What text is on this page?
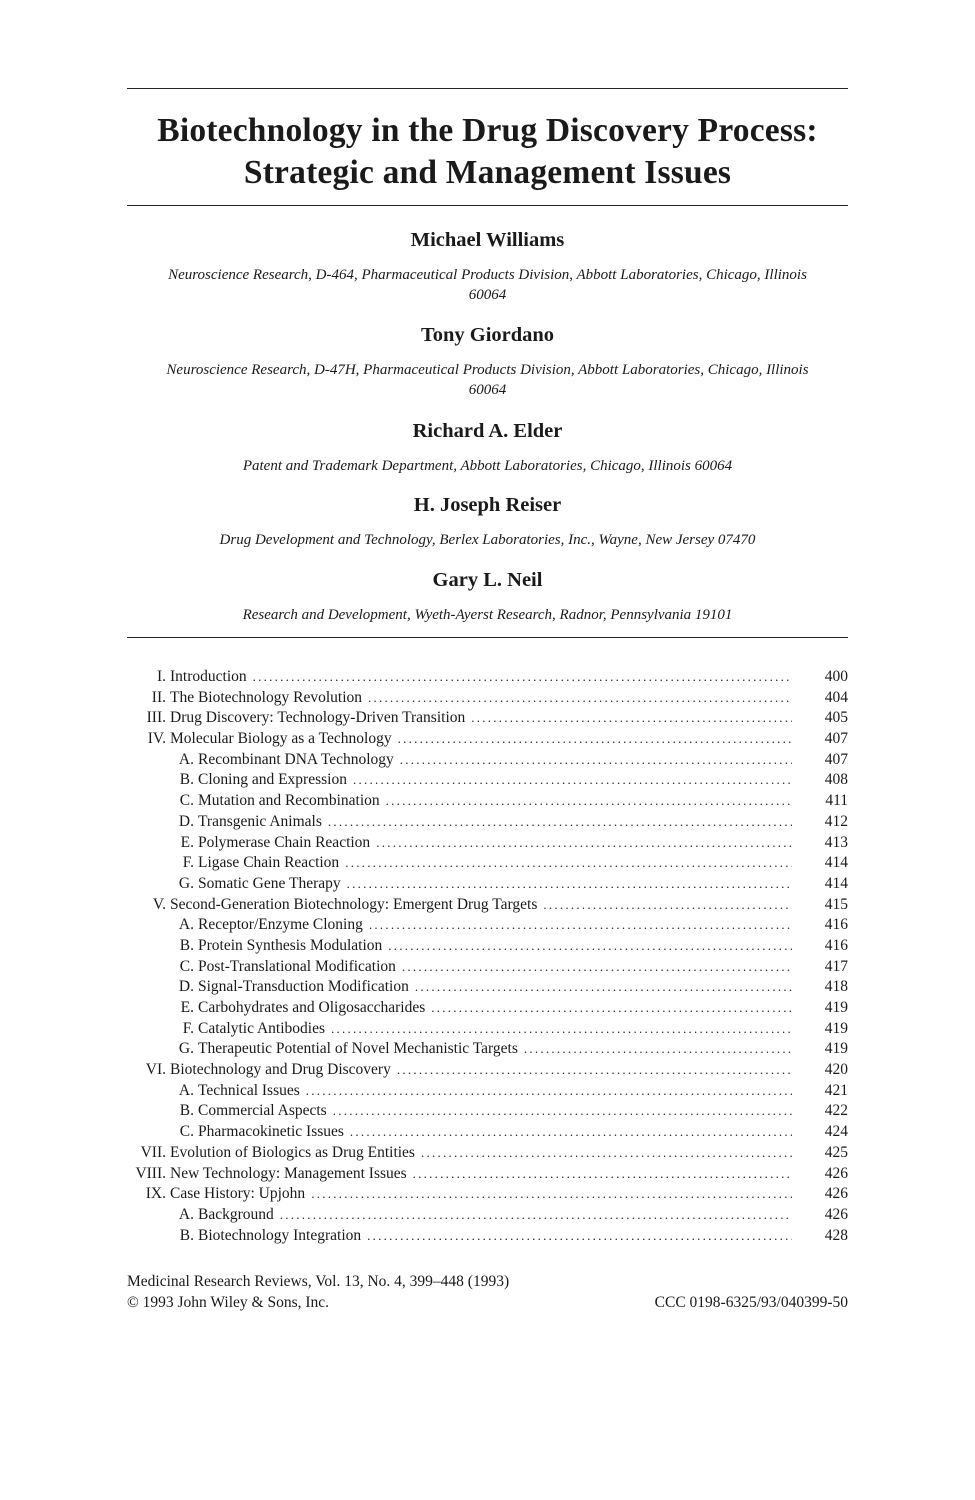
Biotechnology in the Drug Discovery Process:
Strategic and Management Issues
Michael Williams
Neuroscience Research, D-464, Pharmaceutical Products Division, Abbott Laboratories, Chicago, Illinois
60064
Tony Giordano
Neuroscience Research, D-47H, Pharmaceutical Products Division, Abbott Laboratories, Chicago, Illinois
60064
Richard A. Elder
Patent and Trademark Department, Abbott Laboratories, Chicago, Illinois 60064
H. Joseph Reiser
Drug Development and Technology, Berlex Laboratories, Inc., Wayne, New Jersey 07470
Gary L. Neil
Research and Development, Wyeth-Ayerst Research, Radnor, Pennsylvania 19101
I. Introduction . . .	400
II. The Biotechnology Revolution . . .	404
III. Drug Discovery: Technology-Driven Transition . . .	405
IV. Molecular Biology as a Technology . . .	407
A. Recombinant DNA Technology . . .	407
B. Cloning and Expression . . .	408
C. Mutation and Recombination . . .	411
D. Transgenic Animals . . .	412
E. Polymerase Chain Reaction . . .	413
F. Ligase Chain Reaction . . .	414
G. Somatic Gene Therapy . . .	414
V. Second-Generation Biotechnology: Emergent Drug Targets . . .	415
A. Receptor/Enzyme Cloning . . .	416
B. Protein Synthesis Modulation . . .	416
C. Post-Translational Modification . . .	417
D. Signal-Transduction Modification . . .	418
E. Carbohydrates and Oligosaccharides . . .	419
F. Catalytic Antibodies . . .	419
G. Therapeutic Potential of Novel Mechanistic Targets . . .	419
VI. Biotechnology and Drug Discovery . . .	420
A. Technical Issues . . .	421
B. Commercial Aspects . . .	422
C. Pharmacokinetic Issues . . .	424
VII. Evolution of Biologics as Drug Entities . . .	425
VIII. New Technology: Management Issues . . .	426
IX. Case History: Upjohn . . .	426
A. Background . . .	426
B. Biotechnology Integration . . .	428
Medicinal Research Reviews, Vol. 13, No. 4, 399–448 (1993)
© 1993 John Wiley & Sons, Inc.	CCC 0198-6325/93/040399-50
